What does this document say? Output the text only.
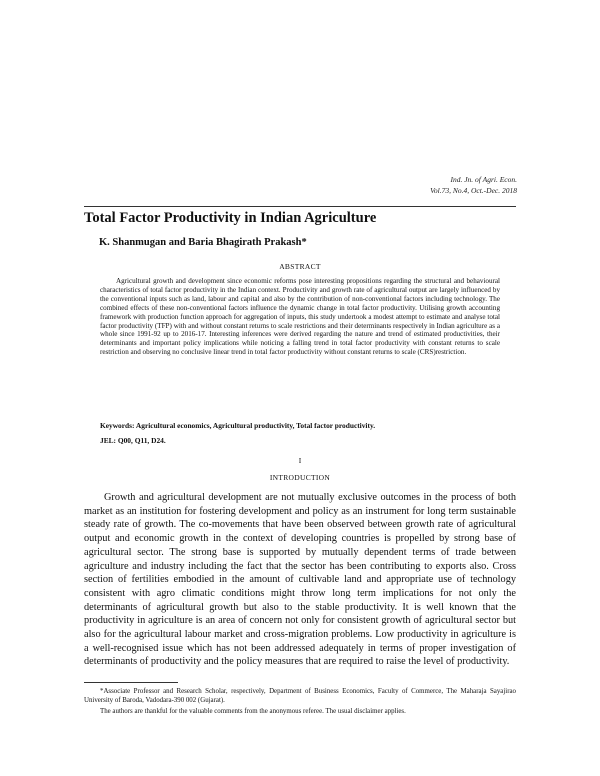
Ind. Jn. of Agri. Econ.
Vol.73, No.4, Oct.-Dec. 2018
Total Factor Productivity in Indian Agriculture
K. Shanmugan and Baria Bhagirath Prakash*
ABSTRACT

Agricultural growth and development since economic reforms pose interesting propositions regarding the structural and behavioural characteristics of total factor productivity in the Indian context. Productivity and growth rate of agricultural output are largely influenced by the conventional inputs such as land, labour and capital and also by the contribution of non-conventional factors including technology. The combined effects of these non-conventional factors influence the dynamic change in total factor productivity. Utilising growth accounting framework with production function approach for aggregation of inputs, this study undertook a modest attempt to estimate and analyse total factor productivity (TFP) with and without constant returns to scale restrictions and their determinants respectively in Indian agriculture as a whole since 1991-92 up to 2016-17. Interesting inferences were derived regarding the nature and trend of estimated productivities, their determinants and important policy implications while noticing a falling trend in total factor productivity with constant returns to scale restriction and observing no conclusive linear trend in total factor productivity without constant returns to scale (CRS)restriction.

Keywords: Agricultural economics, Agricultural productivity, Total factor productivity.
JEL: Q00, Q11, D24.
I
INTRODUCTION

Growth and agricultural development are not mutually exclusive outcomes in the process of both market as an institution for fostering development and policy as an instrument for long term sustainable steady rate of growth. The co-movements that have been observed between growth rate of agricultural output and economic growth in the context of developing countries is propelled by strong base of agricultural sector. The strong base is supported by mutually dependent terms of trade between agriculture and industry including the fact that the sector has been contributing to exports also. Cross section of fertilities embodied in the amount of cultivable land and appropriate use of technology consistent with agro climatic conditions might throw long term implications for not only the determinants of agricultural growth but also to the stable productivity. It is well known that the productivity in agriculture is an area of concern not only for consistent growth of agricultural sector but also for the agricultural labour market and cross-migration problems. Low productivity in agriculture is a well-recognised issue which has not been addressed adequately in terms of proper investigation of determinants of productivity and the policy measures that are required to raise the level of productivity.

*Associate Professor and Research Scholar, respectively, Department of Business Economics, Faculty of Commerce, The Maharaja Sayajirao University of Baroda, Vadodara-390 002 (Gujarat).

The authors are thankful for the valuable comments from the anonymous referee. The usual disclaimer applies.
